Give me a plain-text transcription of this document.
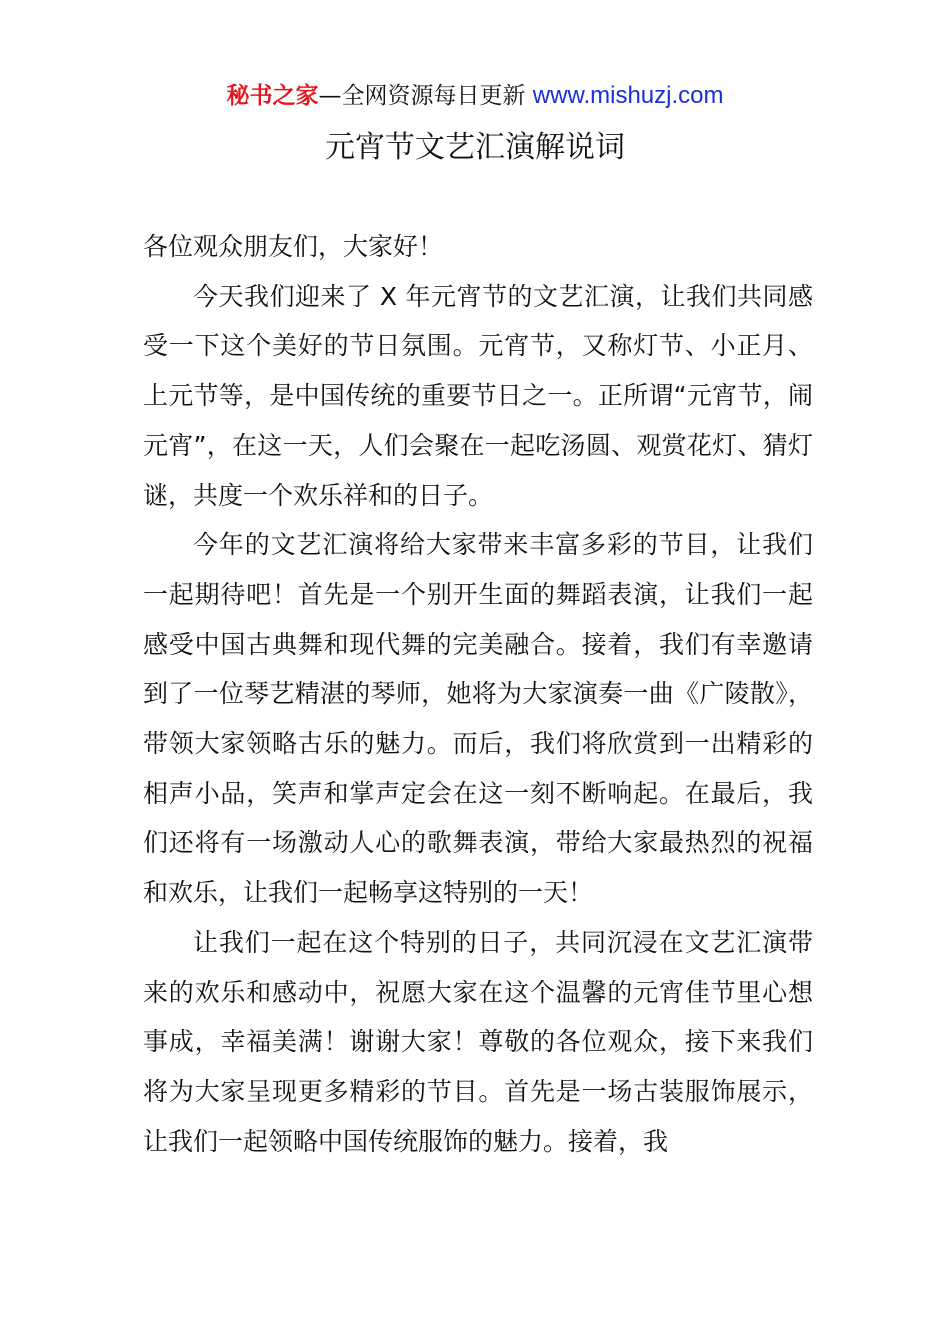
秘书之家—全网资源每日更新 www.mishuzj.com
元宵节文艺汇演解说词

各位观众朋友们，大家好！

今天我们迎来了 X 年元宵节的文艺汇演，让我们共同感受一下这个美好的节日氛围。元宵节，又称灯节、小正月、上元节等，是中国传统的重要节日之一。正所谓“元宵节，闹元宵”，在这一天，人们会聚在一起吃汤圆、观赏花灯、猜灯谜，共度一个欢乐祥和的日子。

今年的文艺汇演将给大家带来丰富多彩的节目，让我们一起期待吧！首先是一个别开生面的舞蹈表演，让我们一起感受中国古典舞和现代舞的完美融合。接着，我们有幸邀请到了一位琴艺精湛的琴师，她将为大家演奏一曲《广陵散》，带领大家领略古乐的魅力。而后，我们将欣赏到一出精彩的相声小品，笑声和掌声定会在这一刻不断响起。在最后，我们还将有一场激动人心的歌舞表演，带给大家最热烈的祝福和欢乐，让我们一起畅享这特别的一天！

让我们一起在这个特别的日子，共同沉浸在文艺汇演带来的欢乐和感动中，祝愿大家在这个温馨的元宵佳节里心想事成，幸福美满！谢谢大家！尊敬的各位观众，接下来我们将为大家呈现更多精彩的节目。首先是一场古装服饰展示，让我们一起领略中国传统服饰的魅力。接着，我
